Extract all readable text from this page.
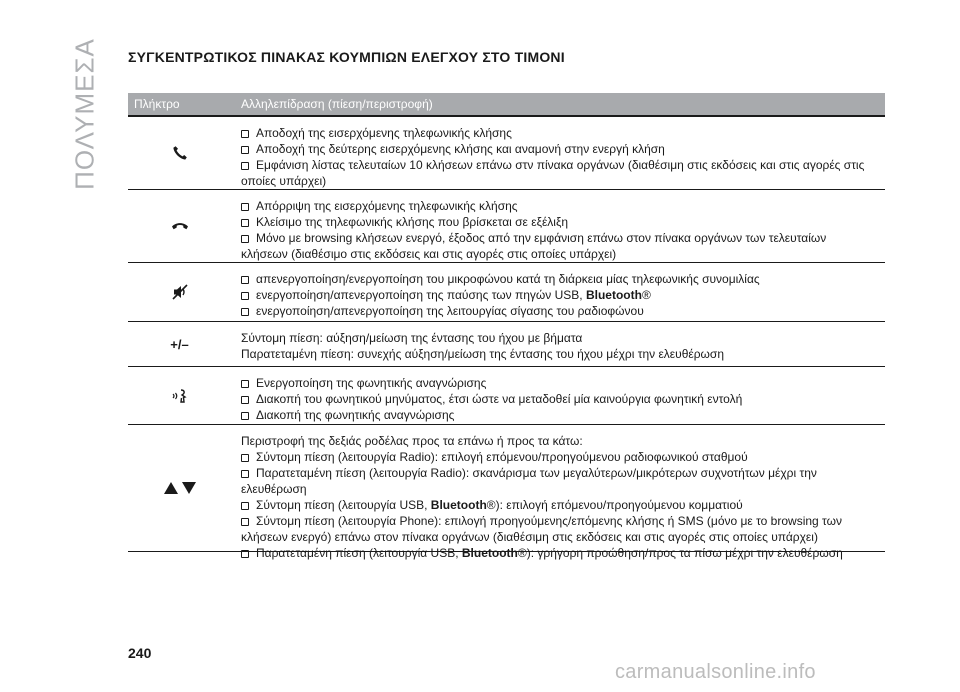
ΠΟΛΥΜΕΣΑ ΣΥΓΚΕΝΤΡΩΤΙΚΟΣ ΠΙΝΑΚΑΣ ΚΟΥΜΠΙΩΝ ΕΛΕΓΧΟΥ ΣΤΟ ΤΙΜΟΝΙ
Πλήκτρο	Αλληλεπίδραση (πίεση/περιστροφή)
Αποδοχή της εισερχόμενης τηλεφωνικής κλήσης
Αποδοχή της δεύτερης εισερχόμενης κλήσης και αναμονή στην ενεργή κλήση
Εμφάνιση λίστας τελευταίων 10 κλήσεων επάνω στν πίνακα οργάνων (διαθέσιμη στις εκδόσεις και στις αγορές στις
οποίες υπάρχει)
Απόρριψη της εισερχόμενης τηλεφωνικής κλήσης
Κλείσιμο της τηλεφωνικής κλήσης που βρίσκεται σε εξέλιξη
Μόνο με browsing κλήσεων ενεργό, έξοδος από την εμφάνιση επάνω στον πίνακα οργάνων των τελευταίων
κλήσεων (διαθέσιμο στις εκδόσεις και στις αγορές στις οποίες υπάρχει)
απενεργοποίηση/ενεργοποίηση του μικροφώνου κατά τη διάρκεια μίας τηλεφωνικής συνομιλίας
ενεργοποίηση/απενεργοποίηση της παύσης των πηγών USB, Bluetooth®
ενεργοποίηση/απενεργοποίηση της λειτουργίας σίγασης του ραδιοφώνου
+/–	Σύντομη πίεση: αύξηση/μείωση της έντασης του ήχου με βήματα
Παρατεταμένη πίεση: συνεχής αύξηση/μείωση της έντασης του ήχου μέχρι την ελευθέρωση
Ενεργοποίηση της φωνητικής αναγνώρισης
Διακοπή του φωνητικού μηνύματος, έτσι ώστε να μεταδοθεί μία καινούργια φωνητική εντολή
Διακοπή της φωνητικής αναγνώρισης
Περιστροφή της δεξιάς ροδέλας προς τα επάνω ή προς τα κάτω:
Σύντομη πίεση (λειτουργία Radio): επιλογή επόμενου/προηγούμενου ραδιοφωνικού σταθμού
Παρατεταμένη πίεση (λειτουργία Radio): σκανάρισμα των μεγαλύτερων/μικρότερων συχνοτήτων μέχρι την
ελευθέρωση
Σύντομη πίεση (λειτουργία USB, Bluetooth®): επιλογή επόμενου/προηγούμενου κομματιού
Σύντομη πίεση (λειτουργία Phone): επιλογή προηγούμενης/επόμενης κλήσης ή SMS (μόνο με το browsing των
κλήσεων ενεργό) επάνω στον πίνακα οργάνων (διαθέσιμη στις εκδόσεις και στις αγορές στις οποίες υπάρχει)
Παρατεταμένη πίεση (λειτουργία USB, Bluetooth®): γρήγορη προώθηση/προς τα πίσω μέχρι την ελευθέρωση
240
carmanualsonline.info
